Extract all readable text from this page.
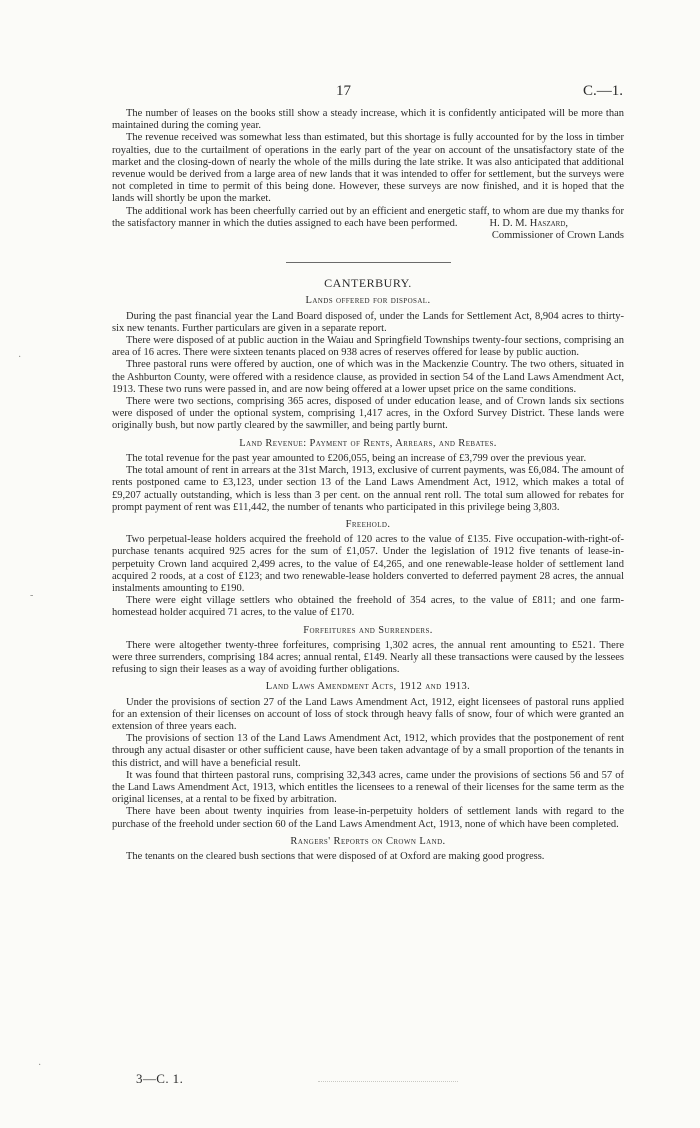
17	C.—1.

The number of leases on the books still show a steady increase, which it is confidently anticipated will be more than maintained during the coming year.

The revenue received was somewhat less than estimated, but this shortage is fully accounted for by the loss in timber royalties, due to the curtailment of operations in the early part of the year on account of the unsatisfactory state of the market and the closing-down of nearly the whole of the mills during the late strike. It was also anticipated that additional revenue would be derived from a large area of new lands that it was intended to offer for settlement, but the surveys were not completed in time to permit of this being done. However, these surveys are now finished, and it is hoped that the lands will shortly be upon the market.

The additional work has been cheerfully carried out by an efficient and energetic staff, to whom are due my thanks for the satisfactory manner in which the duties assigned to each have been performed.	H. D. M. Haszard,
Commissioner of Crown Lands
CANTERBURY.
Lands offered for disposal.

During the past financial year the Land Board disposed of, under the Lands for Settlement Act, 8,904 acres to thirty-six new tenants. Further particulars are given in a separate report.

There were disposed of at public auction in the Waiau and Springfield Townships twenty-four sections, comprising an area of 16 acres. There were sixteen tenants placed on 938 acres of reserves offered for lease by public auction.

Three pastoral runs were offered by auction, one of which was in the Mackenzie Country. The two others, situated in the Ashburton County, were offered with a residence clause, as provided in section 54 of the Land Laws Amendment Act, 1913. These two runs were passed in, and are now being offered at a lower upset price on the same conditions.

There were two sections, comprising 365 acres, disposed of under education lease, and of Crown lands six sections were disposed of under the optional system, comprising 1,417 acres, in the Oxford Survey District. These lands were originally bush, but now partly cleared by the sawmiller, and being partly burnt.

Land Revenue: Payment of Rents, Arrears, and Rebates.

The total revenue for the past year amounted to £206,055, being an increase of £3,799 over the previous year.

The total amount of rent in arrears at the 31st March, 1913, exclusive of current payments, was £6,084. The amount of rents postponed came to £3,123, under section 13 of the Land Laws Amendment Act, 1912, which makes a total of £9,207 actually outstanding, which is less than 3 per cent. on the annual rent roll. The total sum allowed for rebates for prompt payment of rent was £11,442, the number of tenants who participated in this privilege being 3,803.

Freehold.

Two perpetual-lease holders acquired the freehold of 120 acres to the value of £135. Five occupation-with-right-of-purchase tenants acquired 925 acres for the sum of £1,057. Under the legislation of 1912 five tenants of lease-in-perpetuity Crown land acquired 2,499 acres, to the value of £4,265, and one renewable-lease holder of settlement land acquired 2 roods, at a cost of £123; and two renewable-lease holders converted to deferred payment 28 acres, the annual instalments amounting to £190.

There were eight village settlers who obtained the freehold of 354 acres, to the value of £811; and one farm-homestead holder acquired 71 acres, to the value of £170.

Forfeitures and Surrenders.

There were altogether twenty-three forfeitures, comprising 1,302 acres, the annual rent amounting to £521. There were three surrenders, comprising 184 acres; annual rental, £149. Nearly all these transactions were caused by the lessees refusing to sign their leases as a way of avoiding further obligations.

Land Laws Amendment Acts, 1912 and 1913.

Under the provisions of section 27 of the Land Laws Amendment Act, 1912, eight licensees of pastoral runs applied for an extension of their licenses on account of loss of stock through heavy falls of snow, four of which were granted an extension of three years each.

The provisions of section 13 of the Land Laws Amendment Act, 1912, which provides that the postponement of rent through any actual disaster or other sufficient cause, have been taken advantage of by a small proportion of the tenants in this district, and will have a beneficial result.

It was found that thirteen pastoral runs, comprising 32,343 acres, came under the provisions of sections 56 and 57 of the Land Laws Amendment Act, 1913, which entitles the licensees to a renewal of their licenses for the same term as the original licenses, at a rental to be fixed by arbitration.

There have been about twenty inquiries from lease-in-perpetuity holders of settlement lands with regard to the purchase of the freehold under section 60 of the Land Laws Amendment Act, 1913, none of which have been completed.

Rangers' Reports on Crown Land.

The tenants on the cleared bush sections that were disposed of at Oxford are making good progress.

3—C. 1.
·
‐
·
